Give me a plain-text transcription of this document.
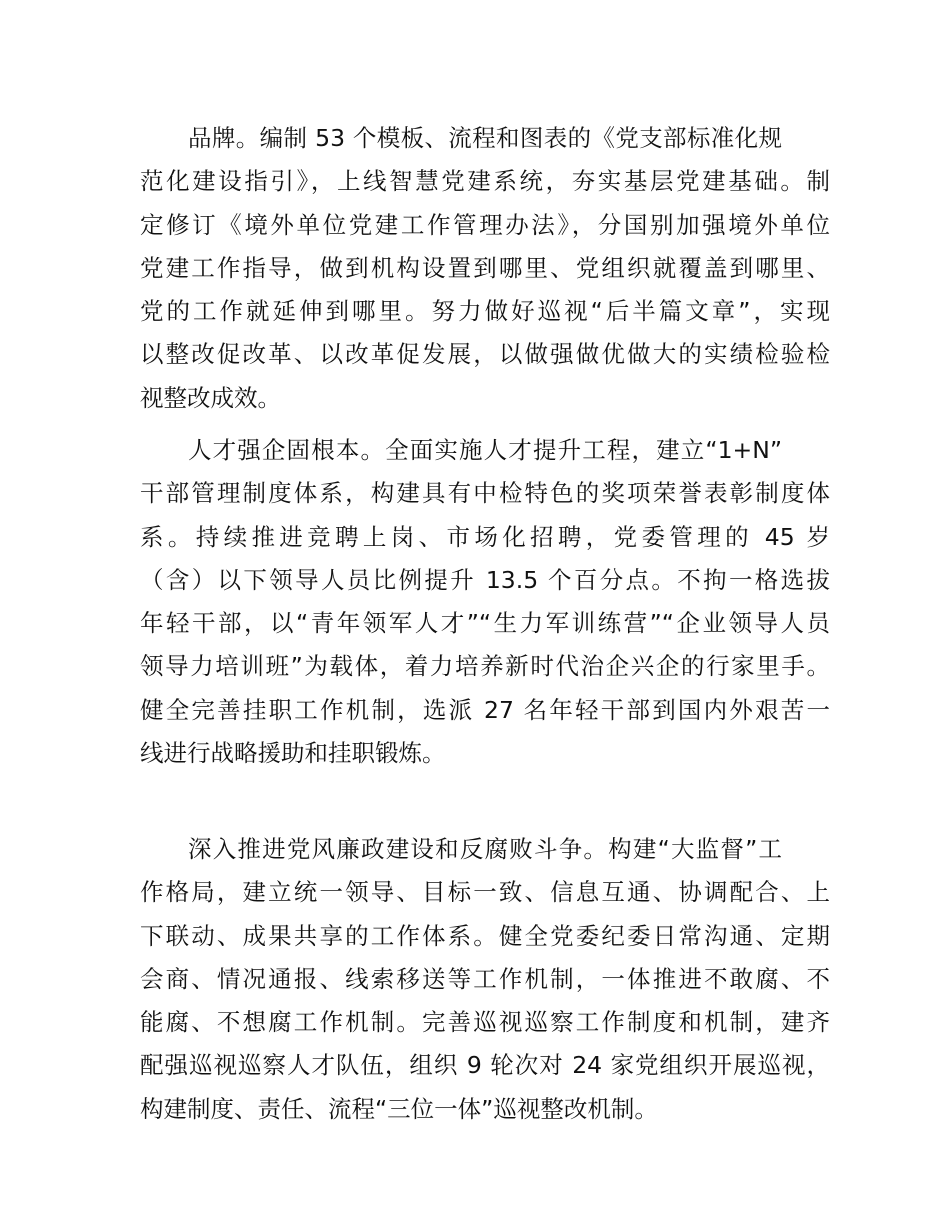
品牌。编制 53 个模板、流程和图表的《党支部标准化规
范化建设指引》，上线智慧党建系统，夯实基层党建基础。制
定修订《境外单位党建工作管理办法》，分国别加强境外单位
党建工作指导，做到机构设置到哪里、党组织就覆盖到哪里、
党的工作就延伸到哪里。努力做好巡视“后半篇文章”，实现
以整改促改革、以改革促发展，以做强做优做大的实绩检验检
视整改成效。
人才强企固根本。全面实施人才提升工程，建立“1+N”
干部管理制度体系，构建具有中检特色的奖项荣誉表彰制度体
系。持续推进竞聘上岗、市场化招聘，党委管理的 45 岁
（含）以下领导人员比例提升 13.5 个百分点。不拘一格选拔
年轻干部，以“青年领军人才”“生力军训练营”“企业领导人员
领导力培训班”为载体，着力培养新时代治企兴企的行家里手。
健全完善挂职工作机制，选派 27 名年轻干部到国内外艰苦一
线进行战略援助和挂职锻炼。
深入推进党风廉政建设和反腐败斗争。构建“大监督”工
作格局，建立统一领导、目标一致、信息互通、协调配合、上
下联动、成果共享的工作体系。健全党委纪委日常沟通、定期
会商、情况通报、线索移送等工作机制，一体推进不敢腐、不
能腐、不想腐工作机制。完善巡视巡察工作制度和机制，建齐
配强巡视巡察人才队伍，组织 9 轮次对 24 家党组织开展巡视，
构建制度、责任、流程“三位一体”巡视整改机制。
